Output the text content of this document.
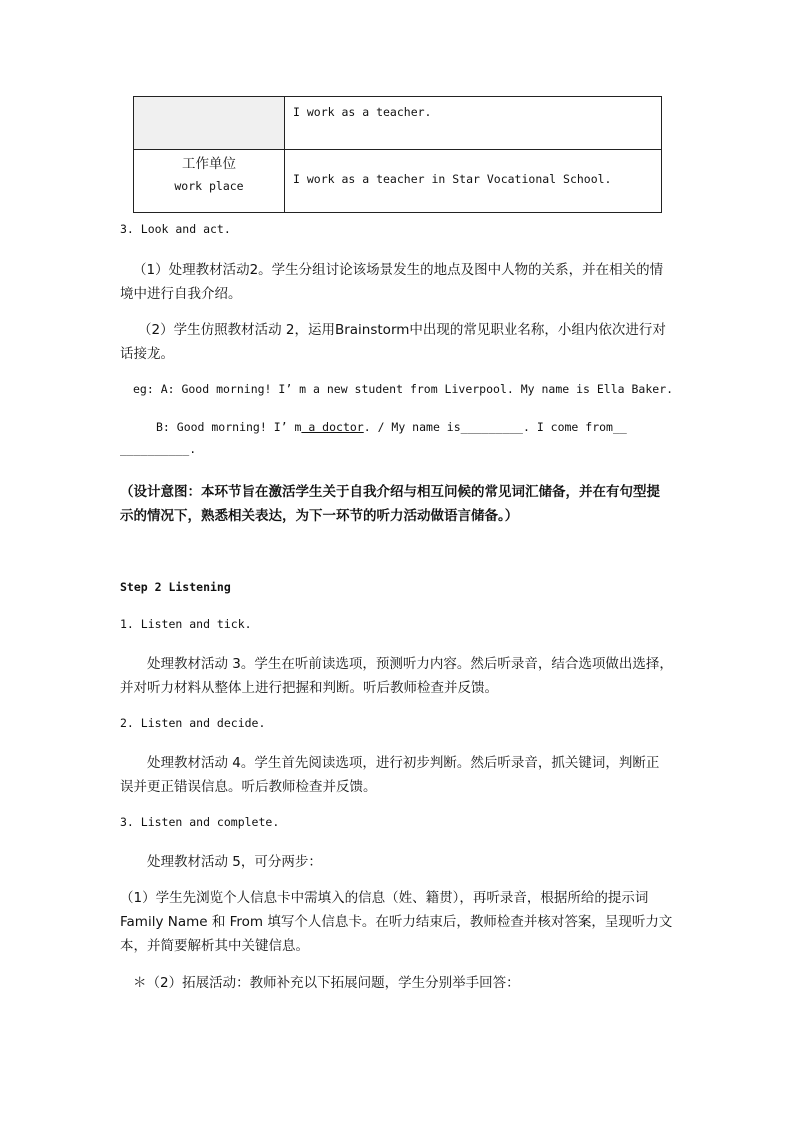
	I work as a teacher.

工作单位
work place	I work as a teacher in Star Vocational School.
3. Look and act.
（1）处理教材活动2。学生分组讨论该场景发生的地点及图中人物的关系，并在相关的情
境中进行自我介绍。
（2）学生仿照教材活动 2，运用Brainstorm中出现的常见职业名称，小组内依次进行对
话接龙。
eg: A: Good morning! I’ m a new student from Liverpool. My name is Ella Baker.
B: Good morning! I’ m a doctor. / My name is_________. I come from__
__________.
（设计意图：本环节旨在激活学生关于自我介绍与相互问候的常见词汇储备，并在有句型提
示的情况下，熟悉相关表达，为下一环节的听力活动做语言储备。）
Step 2 Listening
1. Listen and tick.
处理教材活动 3。学生在听前读选项，预测听力内容。然后听录音，结合选项做出选择，
并对听力材料从整体上进行把握和判断。听后教师检查并反馈。
2. Listen and decide.
处理教材活动 4。学生首先阅读选项，进行初步判断。然后听录音，抓关键词，判断正
误并更正错误信息。听后教师检查并反馈。
3. Listen and complete.
处理教材活动 5，可分两步：
（1）学生先浏览个人信息卡中需填入的信息（姓、籍贯），再听录音，根据所给的提示词
Family Name 和 From 填写个人信息卡。在听力结束后，教师检查并核对答案，呈现听力文
本，并简要解析其中关键信息。
＊（2）拓展活动：教师补充以下拓展问题，学生分别举手回答：
